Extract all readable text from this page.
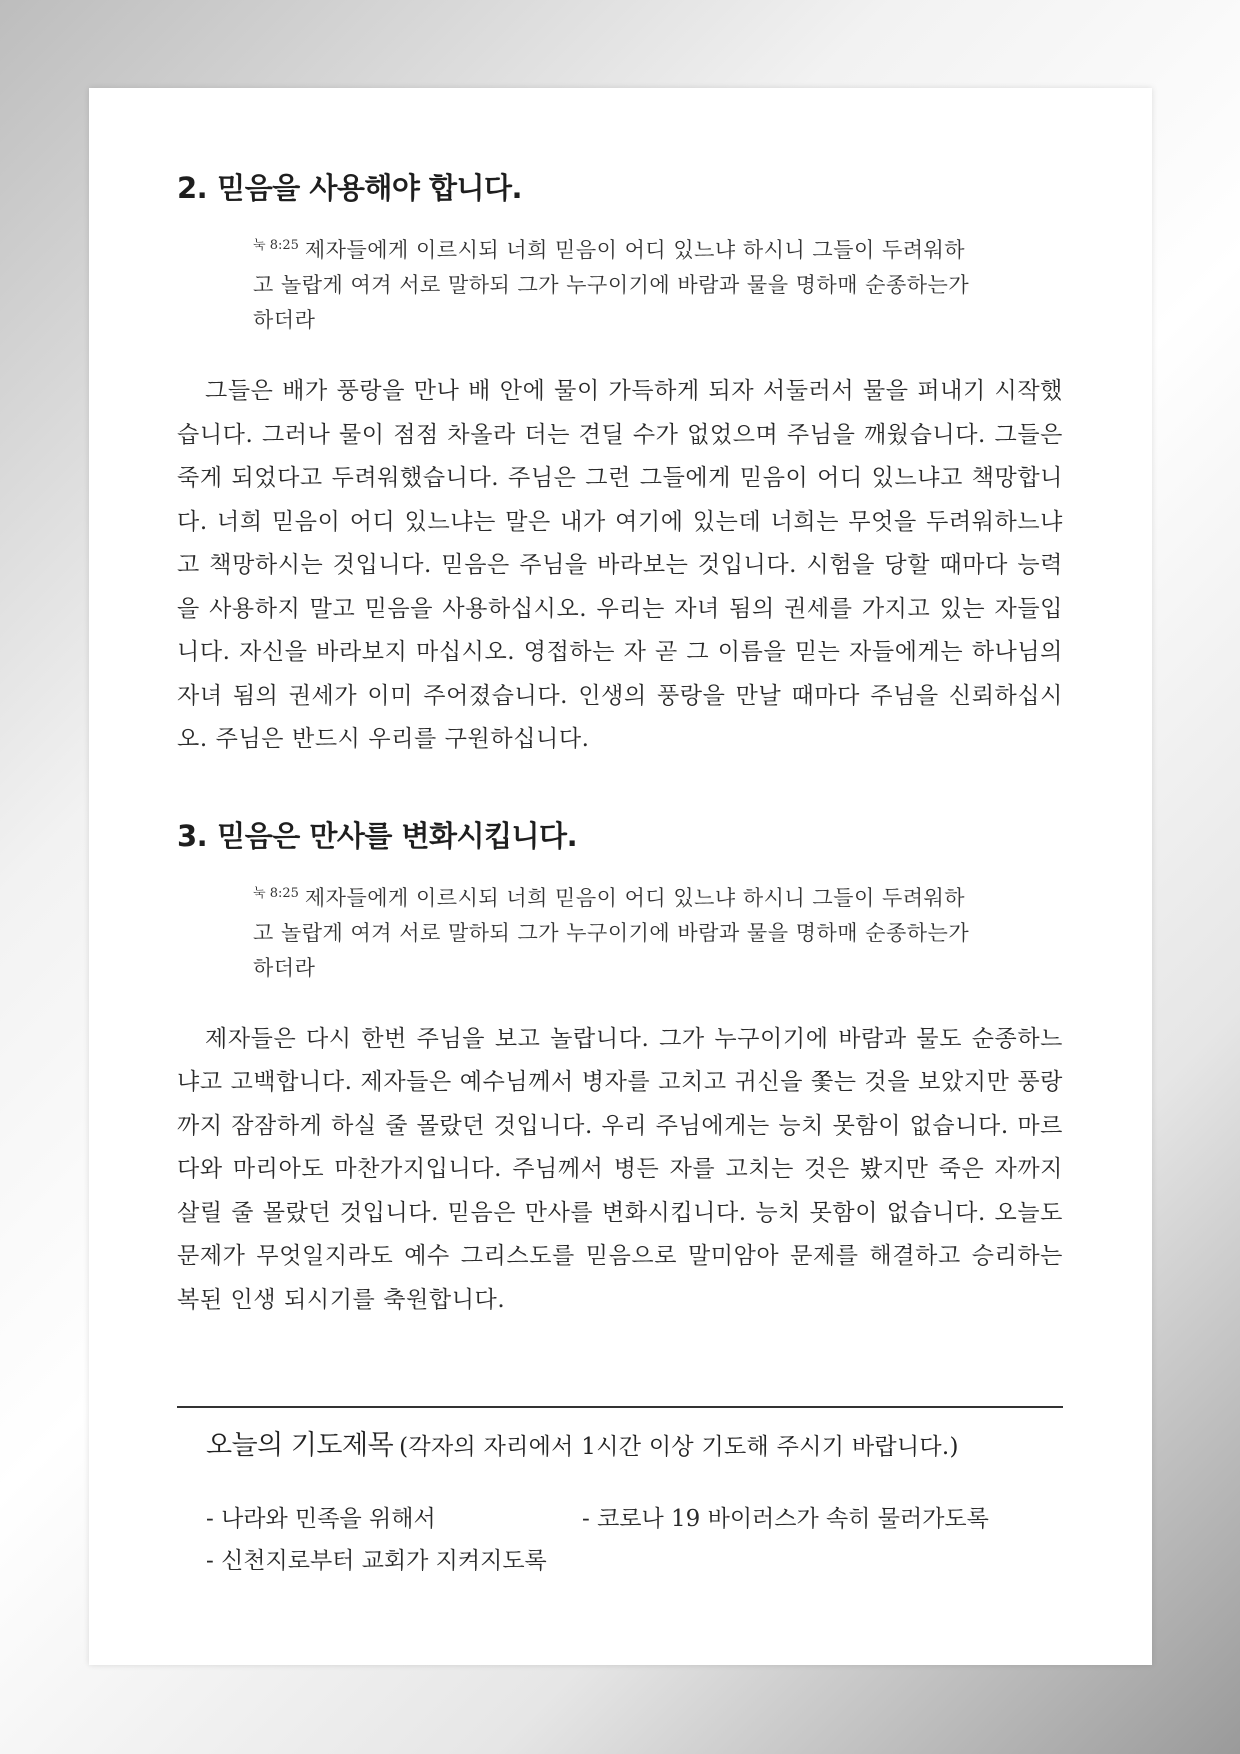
2. 믿음을 사용해야 합니다.
$^{눅 8:25}$ 제자들에게 이르시되 너희 믿음이 어디 있느냐 하시니 그들이 두려워하고 놀랍게 여겨 서로 말하되 그가 누구이기에 바람과 물을 명하매 순종하는가 하더라

그들은 배가 풍랑을 만나 배 안에 물이 가득하게 되자 서둘러서 물을 퍼내기 시작했습니다. 그러나 물이 점점 차올라 더는 견딜 수가 없었으며 주님을 깨웠습니다. 그들은 죽게 되었다고 두려워했습니다. 주님은 그런 그들에게 믿음이 어디 있느냐고 책망합니다. 너희 믿음이 어디 있느냐는 말은 내가 여기에 있는데 너희는 무엇을 두려워하느냐고 책망하시는 것입니다. 믿음은 주님을 바라보는 것입니다. 시험을 당할 때마다 능력을 사용하지 말고 믿음을 사용하십시오. 우리는 자녀 됨의 권세를 가지고 있는 자들입니다. 자신을 바라보지 마십시오. 영접하는 자 곧 그 이름을 믿는 자들에게는 하나님의 자녀 됨의 권세가 이미 주어졌습니다. 인생의 풍랑을 만날 때마다 주님을 신뢰하십시오. 주님은 반드시 우리를 구원하십니다.

3. 믿음은 만사를 변화시킵니다.
$^{눅 8:25}$ 제자들에게 이르시되 너희 믿음이 어디 있느냐 하시니 그들이 두려워하고 놀랍게 여겨 서로 말하되 그가 누구이기에 바람과 물을 명하매 순종하는가 하더라

제자들은 다시 한번 주님을 보고 놀랍니다. 그가 누구이기에 바람과 물도 순종하느냐고 고백합니다. 제자들은 예수님께서 병자를 고치고 귀신을 쫓는 것을 보았지만 풍랑까지 잠잠하게 하실 줄 몰랐던 것입니다. 우리 주님에게는 능치 못함이 없습니다. 마르다와 마리아도 마찬가지입니다. 주님께서 병든 자를 고치는 것은 봤지만 죽은 자까지 살릴 줄 몰랐던 것입니다. 믿음은 만사를 변화시킵니다. 능치 못함이 없습니다. 오늘도 문제가 무엇일지라도 예수 그리스도를 믿음으로 말미암아 문제를 해결하고 승리하는 복된 인생 되시기를 축원합니다.

오늘의 기도제목 (각자의 자리에서 1시간 이상 기도해 주시기 바랍니다.)
- 나라와 민족을 위해서	- 코로나 19 바이러스가 속히 물러가도록
- 신천지로부터 교회가 지켜지도록
